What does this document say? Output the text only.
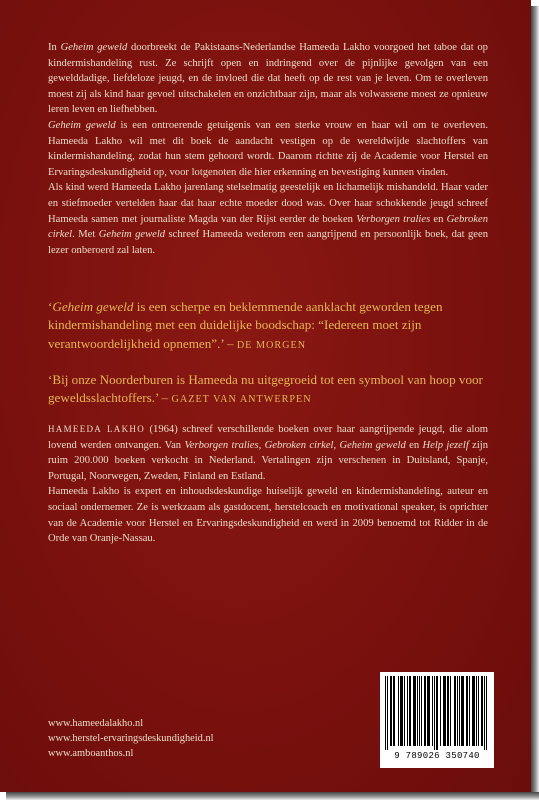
In Geheim geweld doorbreekt de Pakistaans-Nederlandse Hameeda Lakho voorgoed het taboe dat op kindermishandeling rust. Ze schrijft open en indringend over de pijnlijke gevolgen van een gewelddadige, liefdeloze jeugd, en de invloed die dat heeft op de rest van je leven. Om te overleven moest zij als kind haar gevoel uitschakelen en onzichtbaar zijn, maar als volwassene moest ze opnieuw leren leven en liefhebben.

Geheim geweld is een ontroerende getuigenis van een sterke vrouw en haar wil om te overleven. Hameeda Lakho wil met dit boek de aandacht vestigen op de wereldwijde slachtoffers van kindermishandeling, zodat hun stem gehoord wordt. Daarom richtte zij de Academie voor Herstel en Ervaringsdeskundigheid op, voor lotgenoten die hier erkenning en bevestiging kunnen vinden.

Als kind werd Hameeda Lakho jarenlang stelselmatig geestelijk en lichamelijk mishandeld. Haar vader en stiefmoeder vertelden haar dat haar echte moeder dood was. Over haar schokkende jeugd schreef Hameeda samen met journaliste Magda van der Rijst eerder de boeken Verborgen tralies en Gebroken cirkel. Met Geheim geweld schreef Hameeda wederom een aangrijpend en persoonlijk boek, dat geen lezer onberoerd zal laten.

‘Geheim geweld is een scherpe en beklemmende aanklacht geworden tegen kindermishandeling met een duidelijke boodschap: “Iedereen moet zijn verantwoordelijkheid opnemen”.’ – DE MORGEN
‘Bij onze Noorderburen is Hameeda nu uitgegroeid tot een symbool van hoop voor geweldsslachtoffers.’ – GAZET VAN ANTWERPEN

HAMEEDA LAKHO (1964) schreef verschillende boeken over haar aangrijpende jeugd, die alom lovend werden ontvangen. Van Verborgen tralies, Gebroken cirkel, Geheim geweld en Help jezelf zijn ruim 200.000 boeken verkocht in Nederland. Vertalingen zijn verschenen in Duitsland, Spanje, Portugal, Noorwegen, Zweden, Finland en Estland.

Hameeda Lakho is expert en inhoudsdeskundige huiselijk geweld en kindermishandeling, auteur en sociaal ondernemer. Ze is werkzaam als gastdocent, herstelcoach en motivational speaker, is oprichter van de Academie voor Herstel en Ervaringsdeskundigheid en werd in 2009 benoemd tot Ridder in de Orde van Oranje-Nassau.

www.hameedalakho.nl
www.herstel-ervaringsdeskundigheid.nl
www.amboanthos.nl	9 789026 350740
